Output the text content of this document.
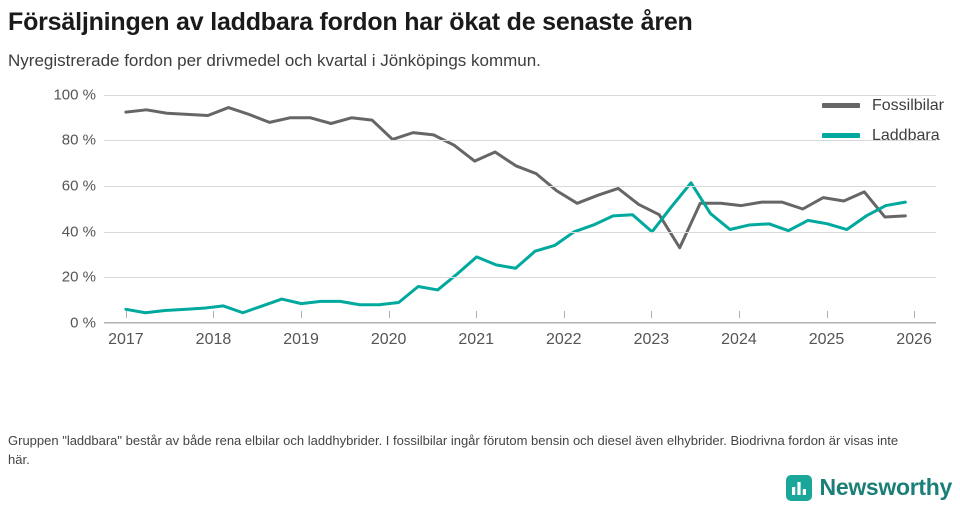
Försäljningen av laddbara fordon har ökat de senaste åren

Nyregistrerade fordon per drivmedel och kvartal i Jönköpings kommun.

0 %
20 %
40 %
60 %
80 %
100 %
2017	2018	2019	2020	2021	2022	2023	2024	2025	2026
Fossilbilar
Laddbara
Gruppen "laddbara" består av både rena elbilar och laddhybrider. I fossilbilar ingår förutom bensin och diesel även elhybrider. Biodrivna fordon är visas inte här.
Newsworthy
